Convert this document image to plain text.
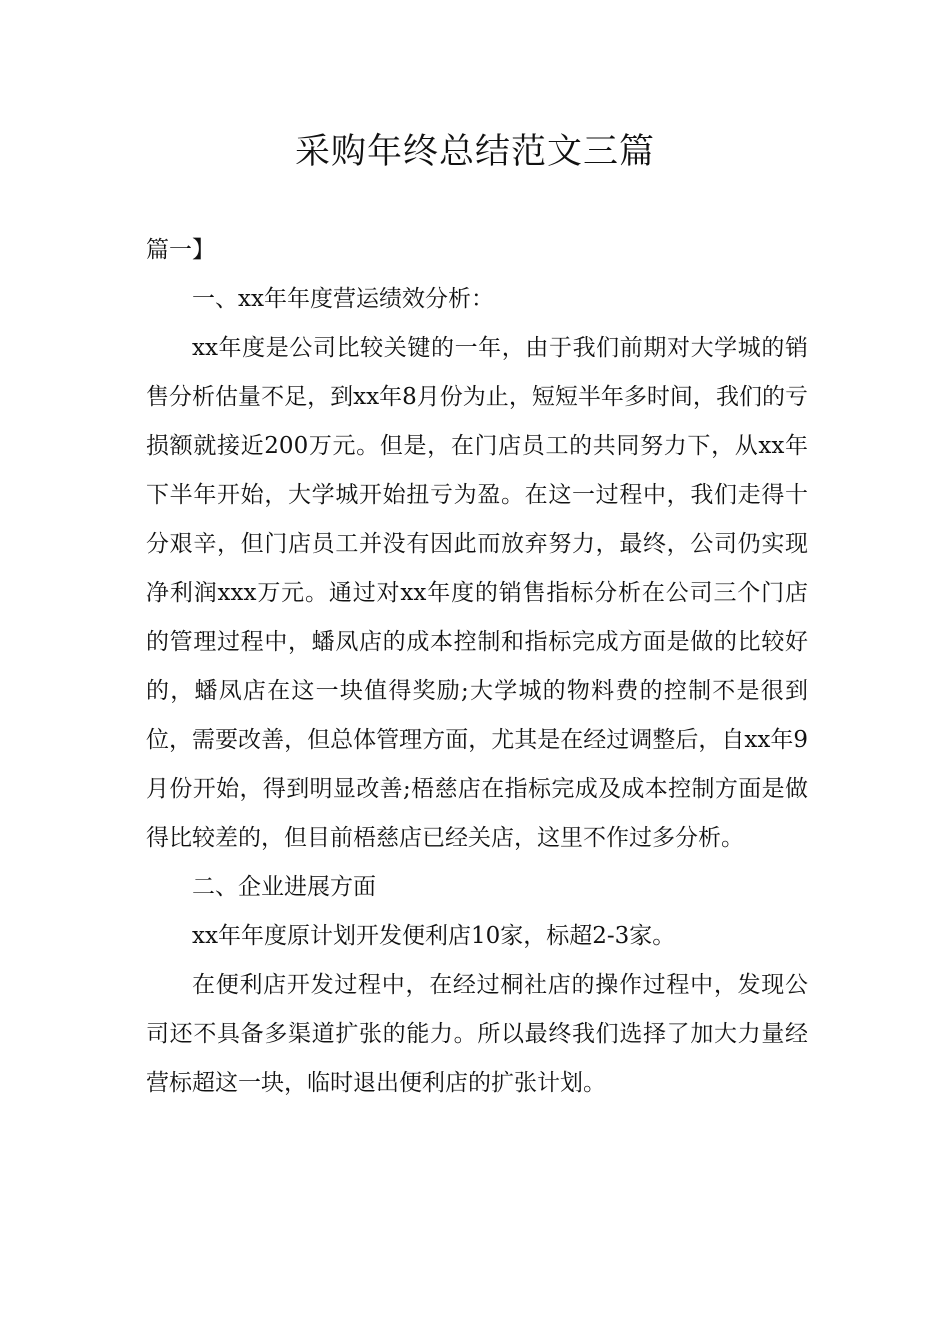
采购年终总结范文三篇

篇一】

一、xx年年度营运绩效分析：

xx年度是公司比较关键的一年，由于我们前期对大学城的销售分析估量不足，到xx年8月份为止，短短半年多时间，我们的亏损额就接近200万元。但是，在门店员工的共同努力下，从xx年下半年开始，大学城开始扭亏为盈。在这一过程中，我们走得十分艰辛，但门店员工并没有因此而放弃努力，最终，公司仍实现净利润xxx万元。通过对xx年度的销售指标分析在公司三个门店的管理过程中，蟠凤店的成本控制和指标完成方面是做的比较好的，蟠凤店在这一块值得奖励;大学城的物料费的控制不是很到位，需要改善，但总体管理方面，尤其是在经过调整后，自xx年9月份开始，得到明显改善;梧慈店在指标完成及成本控制方面是做得比较差的，但目前梧慈店已经关店，这里不作过多分析。

二、企业进展方面

xx年年度原计划开发便利店10家，标超2-3家。

在便利店开发过程中，在经过桐社店的操作过程中，发现公司还不具备多渠道扩张的能力。所以最终我们选择了加大力量经营标超这一块，临时退出便利店的扩张计划。
